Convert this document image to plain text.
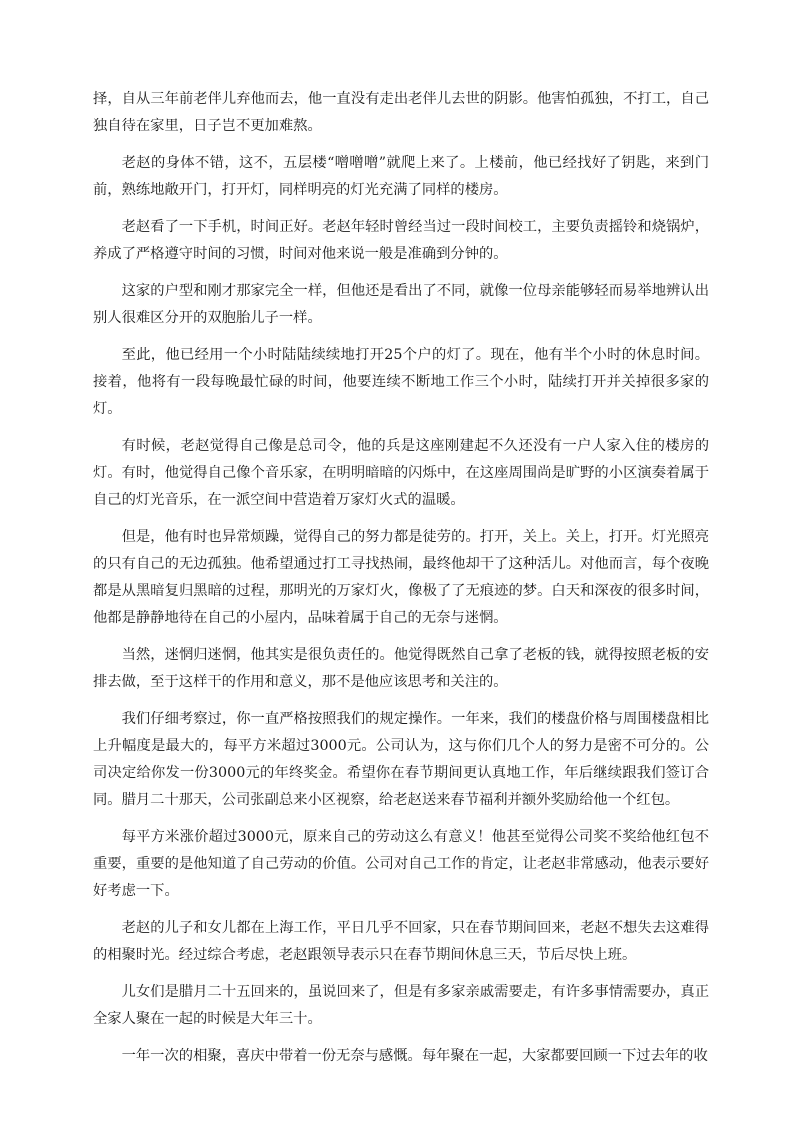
择，自从三年前老伴儿弃他而去，他一直没有走出老伴儿去世的阴影。他害怕孤独，不打工，自己独自待在家里，日子岂不更加难熬。

老赵的身体不错，这不，五层楼“噌噌噌”就爬上来了。上楼前，他已经找好了钥匙，来到门前，熟练地敞开门，打开灯，同样明亮的灯光充满了同样的楼房。

老赵看了一下手机，时间正好。老赵年轻时曾经当过一段时间校工，主要负责摇铃和烧锅炉，养成了严格遵守时间的习惯，时间对他来说一般是准确到分钟的。

这家的户型和刚才那家完全一样，但他还是看出了不同，就像一位母亲能够轻而易举地辨认出别人很难区分开的双胞胎儿子一样。

至此，他已经用一个小时陆陆续续地打开25个户的灯了。现在，他有半个小时的休息时间。接着，他将有一段每晚最忙碌的时间，他要连续不断地工作三个小时，陆续打开并关掉很多家的灯。

有时候，老赵觉得自己像是总司令，他的兵是这座刚建起不久还没有一户人家入住的楼房的灯。有时，他觉得自己像个音乐家，在明明暗暗的闪烁中，在这座周围尚是旷野的小区演奏着属于自己的灯光音乐，在一派空间中营造着万家灯火式的温暖。

但是，他有时也异常烦躁，觉得自己的努力都是徒劳的。打开，关上。关上，打开。灯光照亮的只有自己的无边孤独。他希望通过打工寻找热闹，最终他却干了这种活儿。对他而言，每个夜晚都是从黑暗复归黑暗的过程，那明光的万家灯火，像极了了无痕迹的梦。白天和深夜的很多时间，他都是静静地待在自己的小屋内，品味着属于自己的无奈与迷惘。

当然，迷惘归迷惘，他其实是很负责任的。他觉得既然自己拿了老板的钱，就得按照老板的安排去做，至于这样干的作用和意义，那不是他应该思考和关注的。

我们仔细考察过，你一直严格按照我们的规定操作。一年来，我们的楼盘价格与周围楼盘相比上升幅度是最大的，每平方米超过3000元。公司认为，这与你们几个人的努力是密不可分的。公司决定给你发一份3000元的年终奖金。希望你在春节期间更认真地工作，年后继续跟我们签订合同。腊月二十那天，公司张副总来小区视察，给老赵送来春节福利并额外奖励给他一个红包。

每平方米涨价超过3000元，原来自己的劳动这么有意义！他甚至觉得公司奖不奖给他红包不重要，重要的是他知道了自己劳动的价值。公司对自己工作的肯定，让老赵非常感动，他表示要好好考虑一下。

老赵的儿子和女儿都在上海工作，平日几乎不回家，只在春节期间回来，老赵不想失去这难得的相聚时光。经过综合考虑，老赵跟领导表示只在春节期间休息三天，节后尽快上班。

儿女们是腊月二十五回来的，虽说回来了，但是有多家亲戚需要走，有许多事情需要办，真正全家人聚在一起的时候是大年三十。

一年一次的相聚，喜庆中带着一份无奈与感慨。每年聚在一起，大家都要回顾一下过去年的收
